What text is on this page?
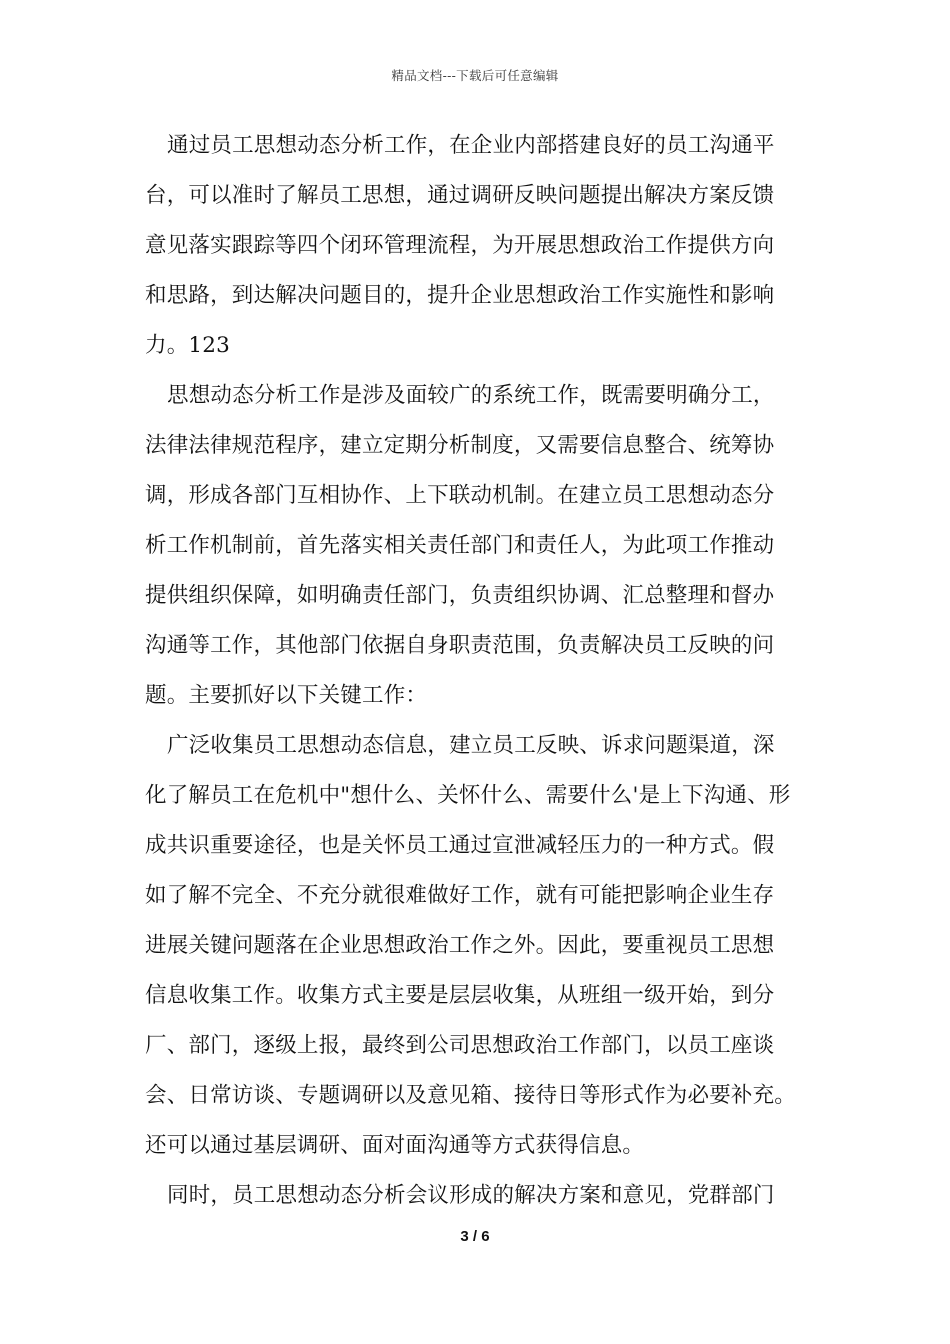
精品文档---下载后可任意编辑
通过员工思想动态分析工作，在企业内部搭建良好的员工沟通平
台，可以准时了解员工思想，通过调研反映问题提出解决方案反馈
意见落实跟踪等四个闭环管理流程，为开展思想政治工作提供方向
和思路，到达解决问题目的，提升企业思想政治工作实施性和影响
力。123
思想动态分析工作是涉及面较广的系统工作，既需要明确分工，
法律法律规范程序，建立定期分析制度，又需要信息整合、统筹协
调，形成各部门互相协作、上下联动机制。在建立员工思想动态分
析工作机制前，首先落实相关责任部门和责任人，为此项工作推动
提供组织保障，如明确责任部门，负责组织协调、汇总整理和督办
沟通等工作，其他部门依据自身职责范围，负责解决员工反映的问
题。主要抓好以下关键工作：
广泛收集员工思想动态信息，建立员工反映、诉求问题渠道，深
化了解员工在危机中"想什么、关怀什么、需要什么'是上下沟通、形
成共识重要途径，也是关怀员工通过宣泄减轻压力的一种方式。假
如了解不完全、不充分就很难做好工作，就有可能把影响企业生存
进展关键问题落在企业思想政治工作之外。因此，要重视员工思想
信息收集工作。收集方式主要是层层收集，从班组一级开始，到分
厂、部门，逐级上报，最终到公司思想政治工作部门，以员工座谈
会、日常访谈、专题调研以及意见箱、接待日等形式作为必要补充。
还可以通过基层调研、面对面沟通等方式获得信息。
同时，员工思想动态分析会议形成的解决方案和意见，党群部门
3 / 6
